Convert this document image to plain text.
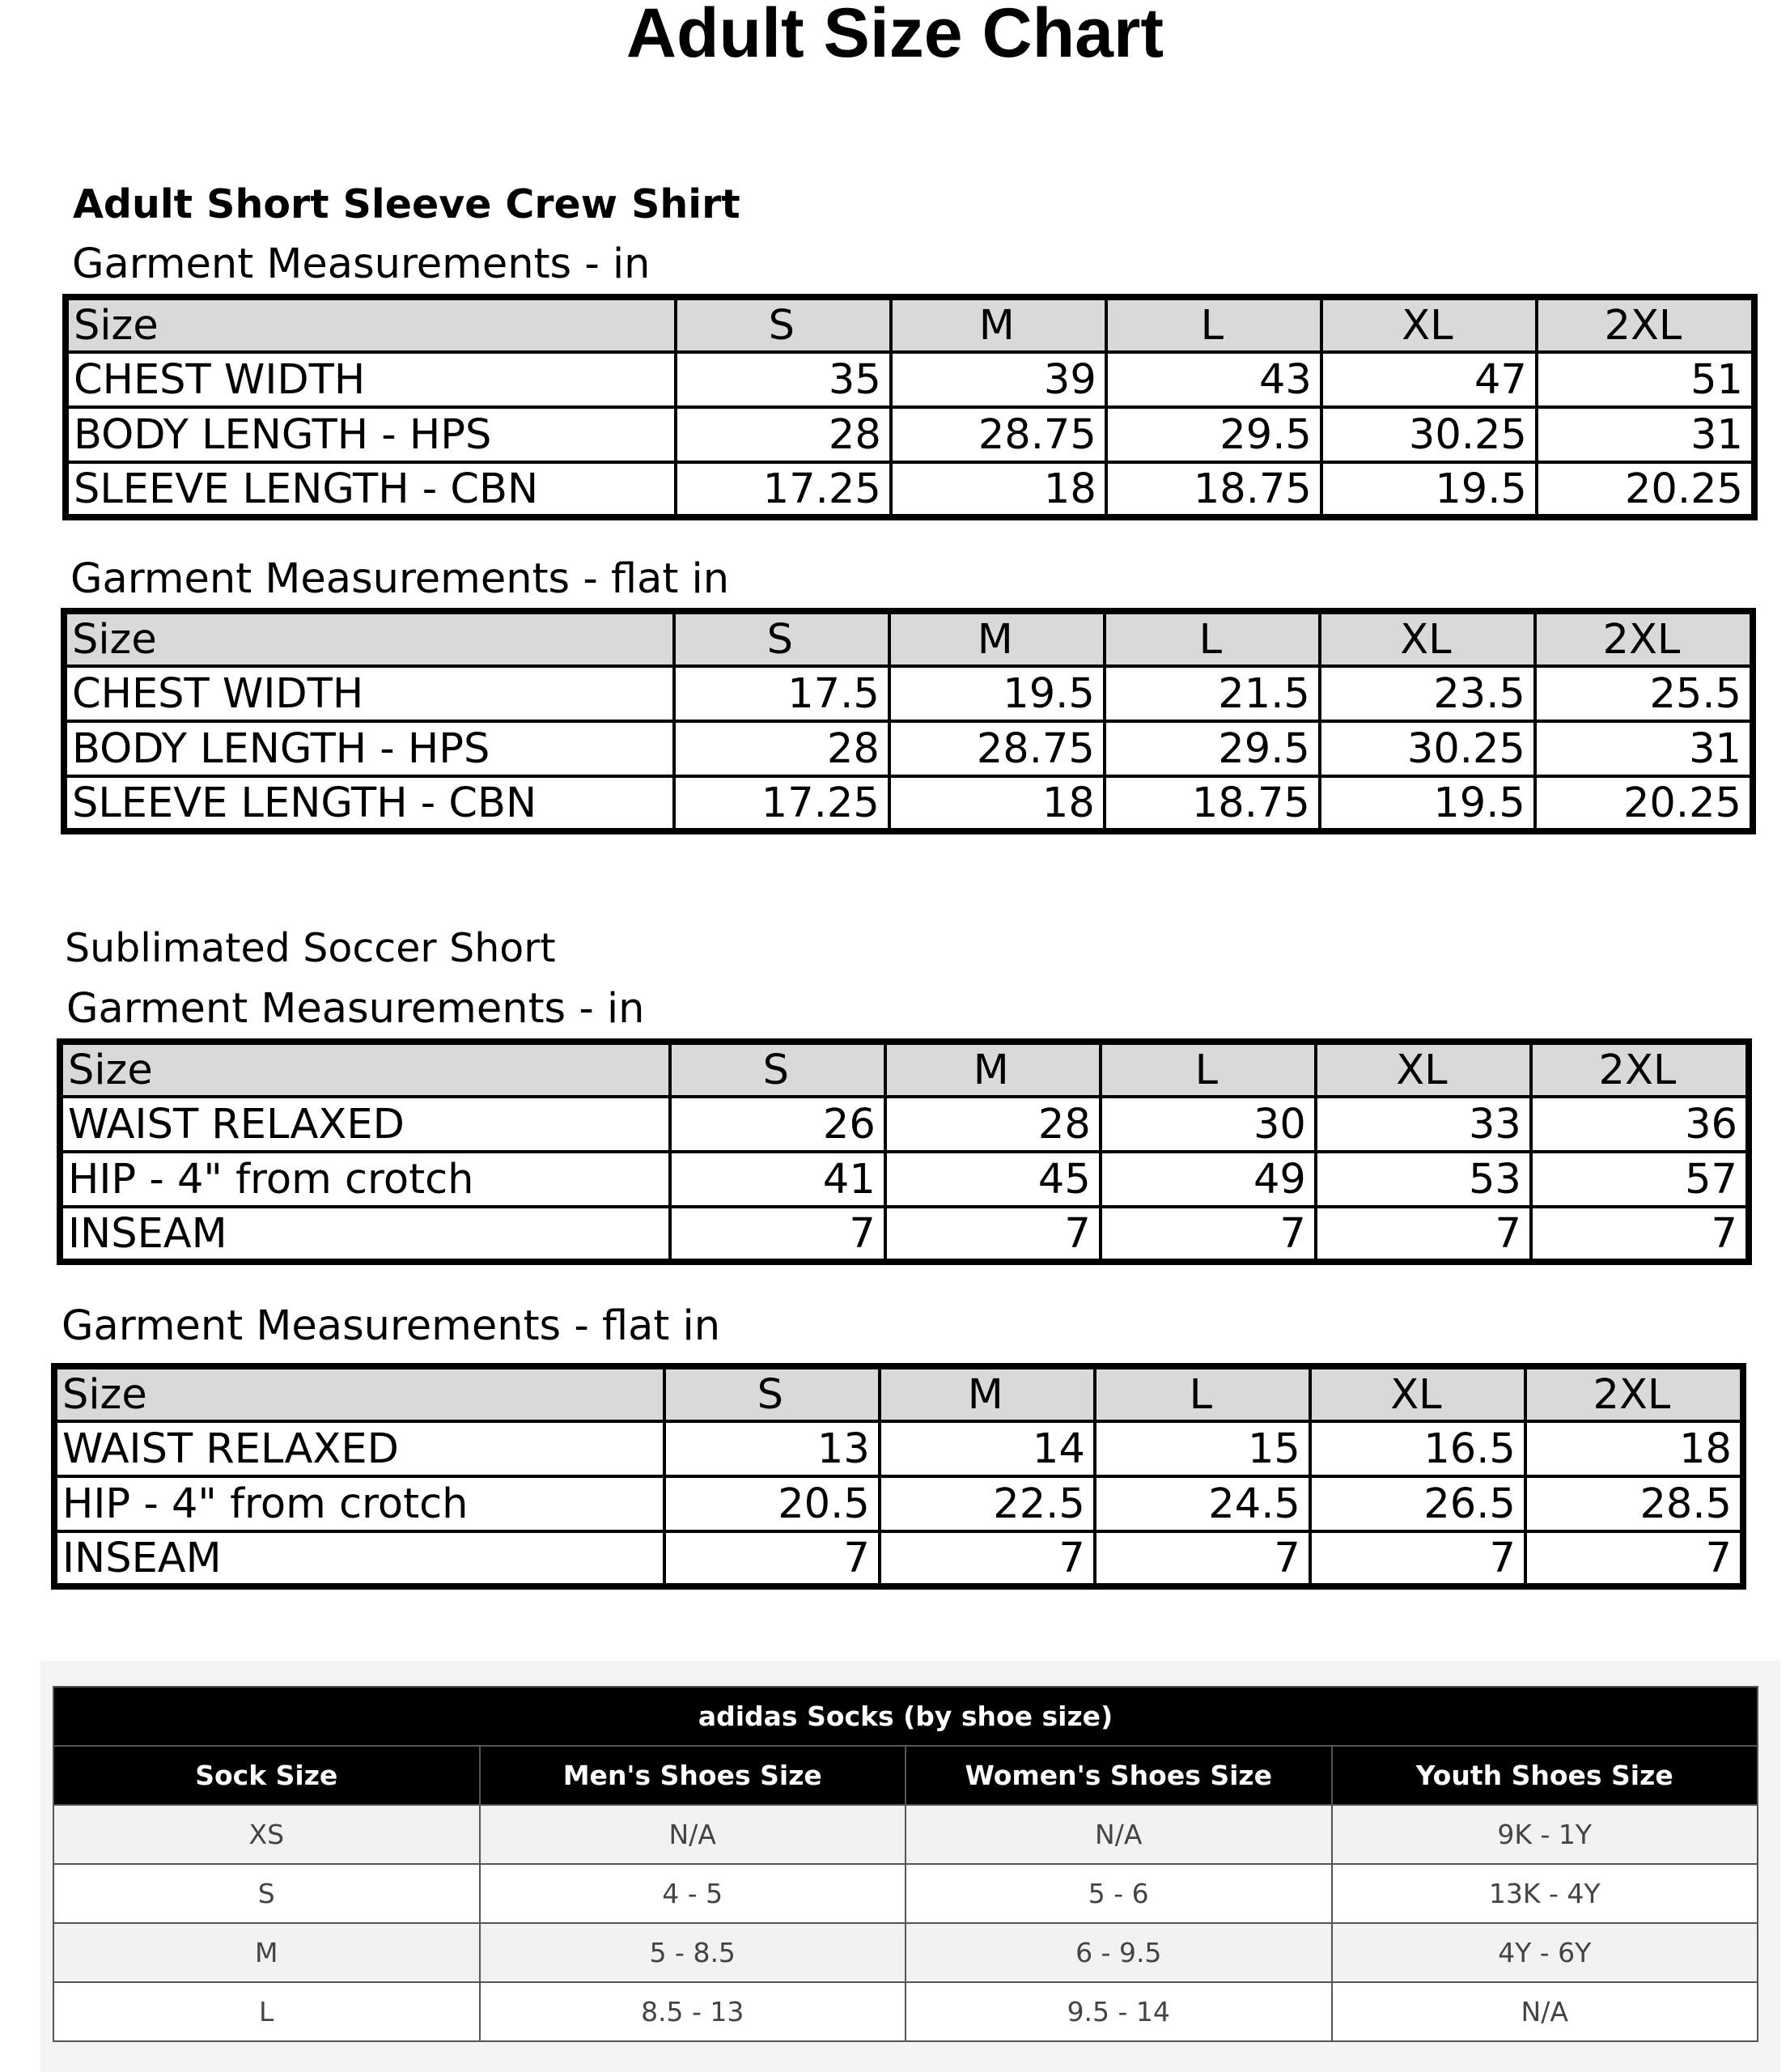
Adult Size Chart
Adult Short Sleeve Crew Shirt
Garment Measurements - in
Size	S	M	L	XL	2XL
CHEST WIDTH	35	39	43	47	51
BODY LENGTH - HPS	28	28.75	29.5	30.25	31
SLEEVE LENGTH - CBN	17.25	18	18.75	19.5	20.25
Garment Measurements - flat in
Size	S	M	L	XL	2XL
CHEST WIDTH	17.5	19.5	21.5	23.5	25.5
BODY LENGTH - HPS	28	28.75	29.5	30.25	31
SLEEVE LENGTH - CBN	17.25	18	18.75	19.5	20.25
Sublimated Soccer Short
Garment Measurements - in
Size	S	M	L	XL	2XL
WAIST RELAXED	26	28	30	33	36
HIP - 4" from crotch	41	45	49	53	57
INSEAM	7	7	7	7	7
Garment Measurements - flat in
Size	S	M	L	XL	2XL
WAIST RELAXED	13	14	15	16.5	18
HIP - 4" from crotch	20.5	22.5	24.5	26.5	28.5
INSEAM	7	7	7	7	7
adidas Socks (by shoe size)			
Sock Size	Men's Shoes Size	Women's Shoes Size	Youth Shoes Size
XS	N/A	N/A	9K - 1Y
S	4 - 5	5 - 6	13K - 4Y
M	5 - 8.5	6 - 9.5	4Y - 6Y
L	8.5 - 13	9.5 - 14	N/A
